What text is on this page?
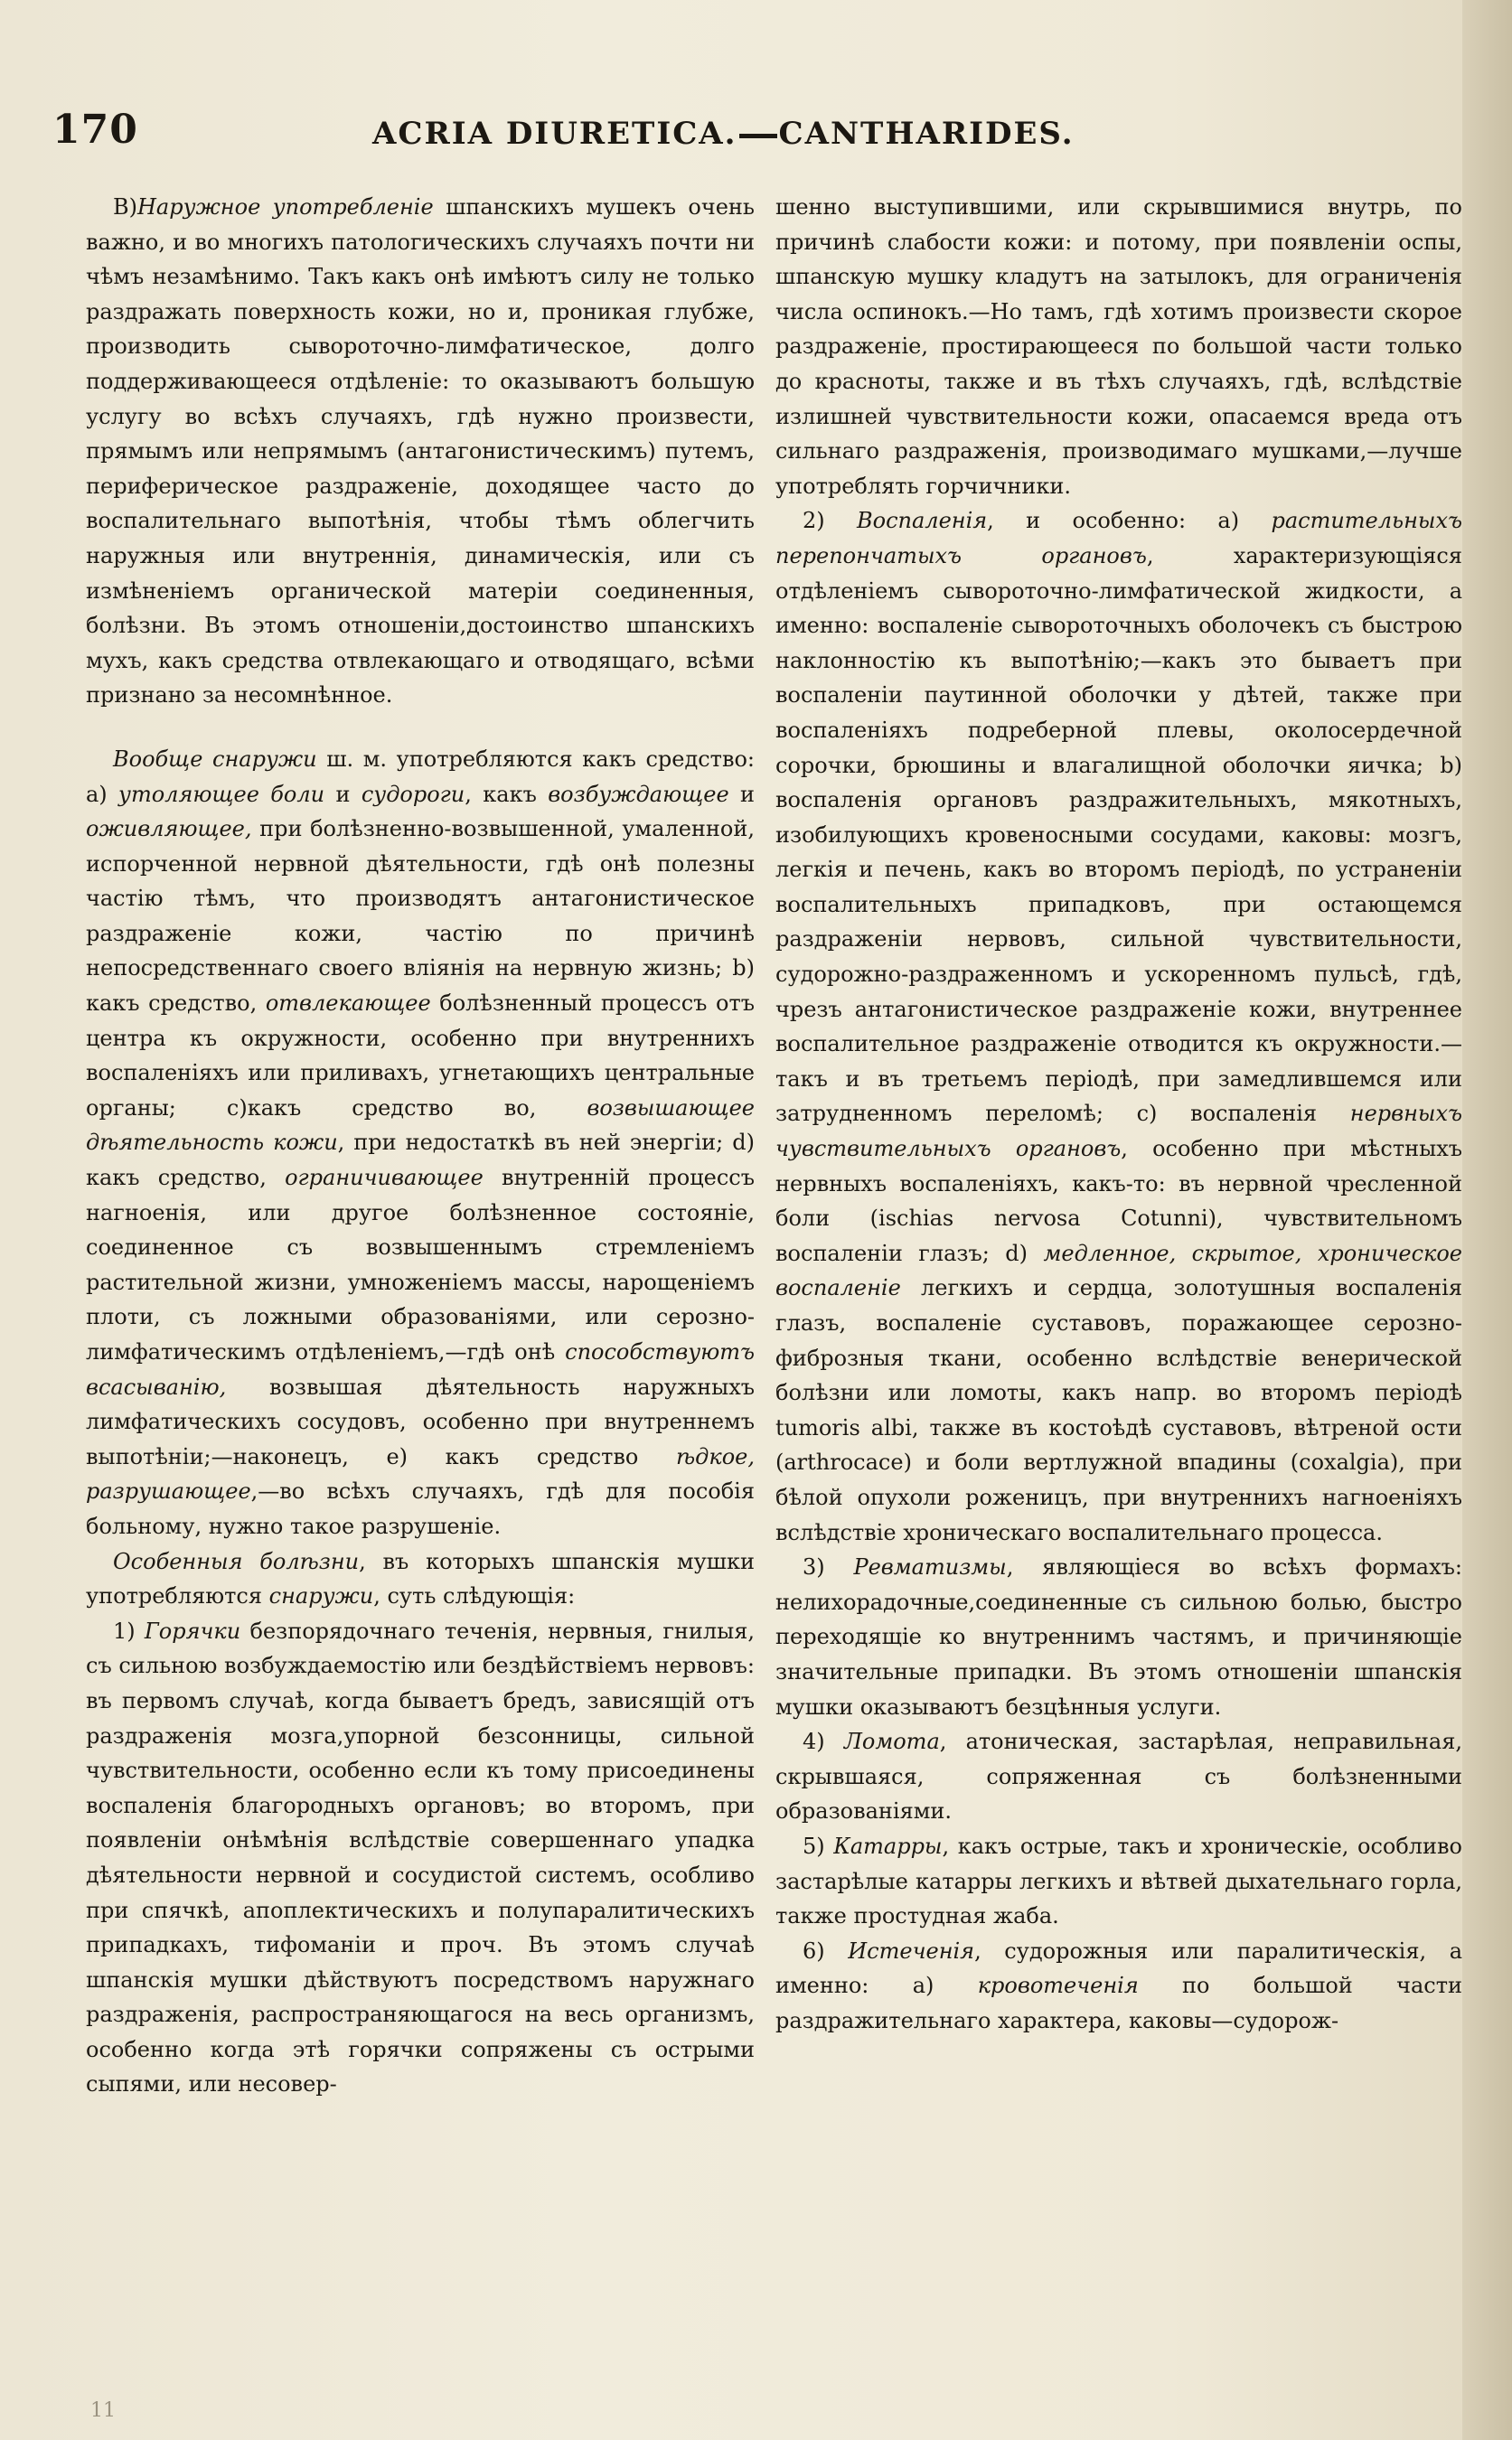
170	ACRIA DIURETICA. CANTHARIDES.

B)Наружное употребленіе шпанскихъ мушекъ очень важно, и во многихъ патологическихъ случаяхъ почти ни чѣмъ незамѣнимо. Такъ какъ онѣ имѣютъ силу не только раздражать поверхность кожи, но и, проникая глубже, производить сывороточно-лимфатическое, долго поддерживающееся отдѣленіе: то оказываютъ большую услугу во всѣхъ случаяхъ, гдѣ нужно произвести, прямымъ или непрямымъ (антагонистическимъ) путемъ, периферическое раздраженіе, доходящее часто до воспалительнаго выпотѣнія, чтобы тѣмъ облегчить наружныя или внутреннія, динамическія, или съ измѣненіемъ органической матеріи соединенныя, болѣзни. Въ этомъ отношеніи,достоинство шпанскихъ мухъ, какъ средства отвлекающаго и отводящаго, всѣми признано за несомнѣнное.

Вообще снаружи ш. м. употребляются какъ средство: а) утоляющее боли и судороги, какъ возбуждающее и оживляющее, при болѣзненно-возвышенной, умаленной, испорченной нервной дѣятельности, гдѣ онѣ полезны частію тѣмъ, что производятъ антагонистическое раздраженіе кожи, частію по причинѣ непосредственнаго своего вліянія на нервную жизнь; b) какъ средство, отвлекающее болѣзненный процессъ отъ центра къ окружности, особенно при внутреннихъ воспаленіяхъ или приливахъ, угнетающихъ центральные органы; с)какъ средство во, возвышающее дѣятельность кожи, при недостаткѣ въ ней энергіи; d) какъ средство, ограничивающее внутренній процессъ нагноенія, или другое болѣзненное состояніе, соединенное съ возвышеннымъ стремленіемъ растительной жизни, умноженіемъ массы, нарощеніемъ плоти, съ ложными образованіями, или серозно-лимфатическимъ отдѣленіемъ,—гдѣ онѣ способствуютъ всасыванію, возвышая дѣятельность наружныхъ лимфатическихъ сосудовъ, особенно при внутреннемъ выпотѣніи;—наконецъ, е) какъ средство ѣдкое, разрушающее,—во всѣхъ случаяхъ, гдѣ для пособія больному, нужно такое разрушеніе.

Особенныя болѣзни, въ которыхъ шпанскія мушки употребляются снаружи, суть слѣдующія:

1) Горячки безпорядочнаго теченія, нервныя, гнилыя, съ сильною возбуждаемостію или бездѣйствіемъ нервовъ: въ первомъ случаѣ, когда бываетъ бредъ, зависящій отъ раздраженія мозга,упорной безсонницы, сильной чувствительности, особенно если къ тому присоединены воспаленія благородныхъ органовъ; во второмъ, при появленіи онѣмѣнія вслѣдствіе совершеннаго упадка дѣятельности нервной и сосудистой системъ, особливо при спячкѣ, апоплектическихъ и полупаралитическихъ припадкахъ, тифоманіи и проч. Въ этомъ случаѣ шпанскія мушки дѣйствуютъ посредствомъ наружнаго раздраженія, распространяющагося на весь организмъ, особенно когда этѣ горячки сопряжены съ острыми сыпями, или несовер-

шенно выступившими, или скрывшимися внутрь, по причинѣ слабости кожи: и потому, при появленіи оспы, шпанскую мушку кладутъ на затылокъ, для ограниченія числа оспинокъ.—Но тамъ, гдѣ хотимъ произвести скорое раздраженіе, простирающееся по большой части только до красноты, также и въ тѣхъ случаяхъ, гдѣ, вслѣдствіе излишней чувствительности кожи, опасаемся вреда отъ сильнаго раздраженія, производимаго мушками,—лучше употреблять горчичники.

2) Воспаленія, и особенно: а) растительныхъ перепончатыхъ органовъ, характеризующіяся отдѣленіемъ сывороточно-лимфатической жидкости, а именно: воспаленіе сывороточныхъ оболочекъ съ быстрою наклонностію къ выпотѣнію;—какъ это бываетъ при воспаленіи паутинной оболочки у дѣтей, также при воспаленіяхъ подреберной плевы, околосердечной сорочки, брюшины и влагалищной оболочки яичка; b) воспаленія органовъ раздражительныхъ, мякотныхъ, изобилующихъ кровеносными сосудами, каковы: мозгъ, легкія и печень, какъ во второмъ періодѣ, по устраненіи воспалительныхъ припадковъ, при остающемся раздраженіи нервовъ, сильной чувствительности, судорожно-раздраженномъ и ускоренномъ пульсѣ, гдѣ, чрезъ антагонистическое раздраженіе кожи, внутреннее воспалительное раздраженіе отводится къ окружности.—такъ и въ третьемъ періодѣ, при замедлившемся или затрудненномъ переломѣ; с) воспаленія нервныхъ чувствительныхъ органовъ, особенно при мѣстныхъ нервныхъ воспаленіяхъ, какъ-то: въ нервной чресленной боли (ischias nervosa Cotunni), чувствительномъ воспаленіи глазъ; d) медленное, скрытое, хроническое воспаленіе легкихъ и сердца, золотушныя воспаленія глазъ, воспаленіе суставовъ, поражающее серозно-фиброзныя ткани, особенно вслѣдствіе венерической болѣзни или ломоты, какъ напр. во второмъ періодѣ tumoris albi, также въ костоѣдѣ суставовъ, вѣтреной ости (arthrocace) и боли вертлужной впадины (coxalgia), при бѣлой опухоли роженицъ, при внутреннихъ нагноеніяхъ вслѣдствіе хроническаго воспалительнаго процесса.

3) Ревматизмы, являющіеся во всѣхъ формахъ: нелихорадочные,соединенные съ сильною болью, быстро переходящіе ко внутреннимъ частямъ, и причиняющіе значительные припадки. Въ этомъ отношеніи шпанскія мушки оказываютъ безцѣнныя услуги.

4) Ломота, атоническая, застарѣлая, неправильная, скрывшаяся, сопряженная съ болѣзненными образованіями.

5) Катарры, какъ острые, такъ и хроническіе, особливо застарѣлые катарры легкихъ и вѣтвей дыхательнаго горла, также простудная жаба.

6) Истеченія, судорожныя или паралитическія, а именно: а) кровотеченія по большой части раздражительнаго характера, каковы—судорож-

11
